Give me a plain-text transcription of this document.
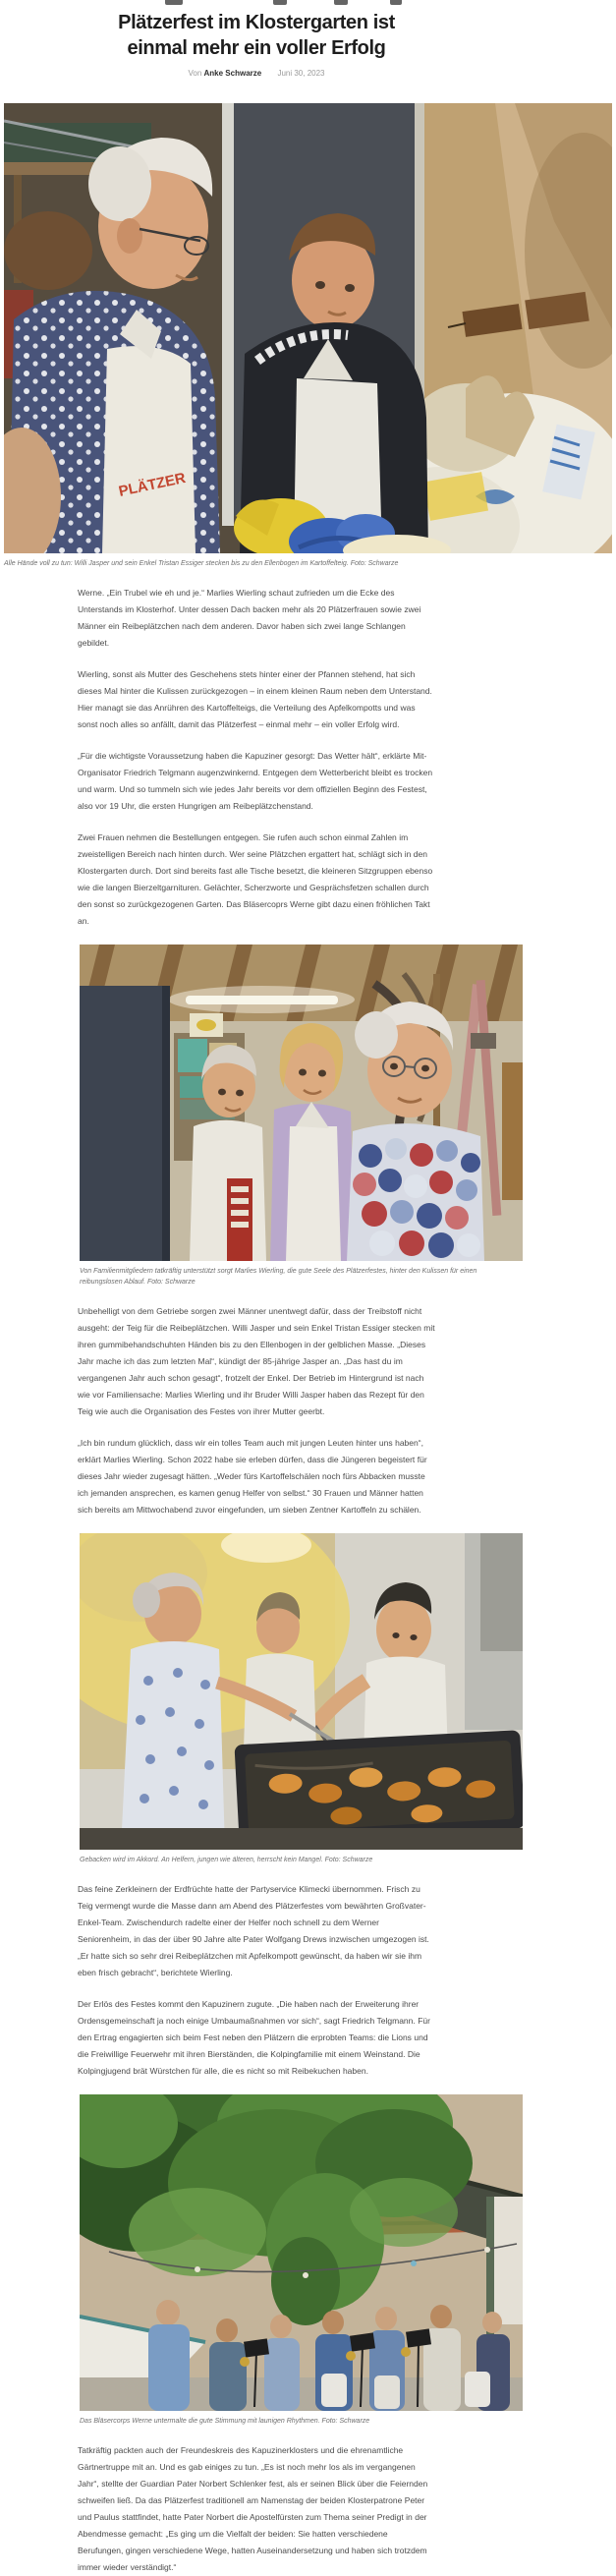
Plätzerfest im Klostergarten ist
einmal mehr ein voller Erfolg
Von Anke Schwarze Juni 30, 2023
PLÄTZER
Alle Hände voll zu tun: Willi Jasper und sein Enkel Tristan Essiger stecken bis zu den Ellenbogen im Kartoffelteig. Foto: Schwarze

Werne. „Ein Trubel wie eh und je.“ Marlies Wierling schaut zufrieden um die Ecke des Unterstands im Klosterhof. Unter dessen Dach backen mehr als 20 Plätzerfrauen sowie zwei Männer ein Reibeplätzchen nach dem anderen. Davor haben sich zwei lange Schlangen gebildet.

Wierling, sonst als Mutter des Geschehens stets hinter einer der Pfannen stehend, hat sich dieses Mal hinter die Kulissen zurückgezogen – in einem kleinen Raum neben dem Unterstand. Hier managt sie das Anrühren des Kartoffelteigs, die Verteilung des Apfelkompotts und was sonst noch alles so anfällt, damit das Plätzerfest – einmal mehr – ein voller Erfolg wird.

„Für die wichtigste Voraussetzung haben die Kapuziner gesorgt: Das Wetter hält“, erklärte Mit-Organisator Friedrich Telgmann augenzwinkernd. Entgegen dem Wetterbericht bleibt es trocken und warm. Und so tummeln sich wie jedes Jahr bereits vor dem offiziellen Beginn des Festest, also vor 19 Uhr, die ersten Hungrigen am Reibeplätzchenstand.

Zwei Frauen nehmen die Bestellungen entgegen. Sie rufen auch schon einmal Zahlen im zweistelligen Bereich nach hinten durch. Wer seine Plätzchen ergattert hat, schlägt sich in den Klostergarten durch. Dort sind bereits fast alle Tische besetzt, die kleineren Sitzgruppen ebenso wie die langen Bierzeltgarnituren. Gelächter, Scherzworte und Gesprächsfetzen schallen durch den sonst so zurückgezogenen Garten. Das Bläsercoprs Werne gibt dazu einen fröhlichen Takt an.

Von Familienmitgliedern tatkräftig unterstützt sorgt Marlies Wierling, die gute Seele des Plätzerfestes, hinter den Kulissen für einen reibungslosen Ablauf. Foto: Schwarze

Unbehelligt von dem Getriebe sorgen zwei Männer unentwegt dafür, dass der Treibstoff nicht ausgeht: der Teig für die Reibeplätzchen. Willi Jasper und sein Enkel Tristan Essiger stecken mit ihren gummibehandschuhten Händen bis zu den Ellenbogen in der gelblichen Masse. „Dieses Jahr mache ich das zum letzten Mal“, kündigt der 85-jährige Jasper an. „Das hast du im vergangenen Jahr auch schon gesagt“, frotzelt der Enkel. Der Betrieb im Hintergrund ist nach wie vor Familiensache: Marlies Wierling und ihr Bruder Willi Jasper haben das Rezept für den Teig wie auch die Organisation des Festes von ihrer Mutter geerbt.

„Ich bin rundum glücklich, dass wir ein tolles Team auch mit jungen Leuten hinter uns haben“, erklärt Marlies Wierling. Schon 2022 habe sie erleben dürfen, dass die Jüngeren begeistert für dieses Jahr wieder zugesagt hätten. „Weder fürs Kartoffelschälen noch fürs Abbacken musste ich jemanden ansprechen, es kamen genug Helfer von selbst.“ 30 Frauen und Männer hatten sich bereits am Mittwochabend zuvor eingefunden, um sieben Zentner Kartoffeln zu schälen.

Gebacken wird im Akkord. An Helfern, jungen wie älteren, herrscht kein Mangel. Foto: Schwarze

Das feine Zerkleinern der Erdfrüchte hatte der Partyservice Klimecki übernommen. Frisch zu Teig vermengt wurde die Masse dann am Abend des Plätzerfestes vom bewährten Großvater-Enkel-Team. Zwischendurch radelte einer der Helfer noch schnell zu dem Werner Seniorenheim, in das der über 90 Jahre alte Pater Wolfgang Drews inzwischen umgezogen ist. „Er hatte sich so sehr drei Reibeplätzchen mit Apfelkompott gewünscht, da haben wir sie ihm eben frisch gebracht“, berichtete Wierling.

Der Erlös des Festes kommt den Kapuzinern zugute. „Die haben nach der Erweiterung ihrer Ordensgemeinschaft ja noch einige Umbaumaßnahmen vor sich“, sagt Friedrich Telgmann. Für den Ertrag engagierten sich beim Fest neben den Plätzern die erprobten Teams: die Lions und die Freiwillige Feuerwehr mit ihren Bierständen, die Kolpingfamilie mit einem Weinstand. Die Kolpingjugend brät Würstchen für alle, die es nicht so mit Reibekuchen haben.

Das Bläsercorps Werne untermalte die gute Stimmung mit launigen Rhythmen. Foto: Schwarze

Tatkräftig packten auch der Freundeskreis des Kapuzinerklosters und die ehrenamtliche Gärtnertruppe mit an. Und es gab einiges zu tun. „Es ist noch mehr los als im vergangenen Jahr“, stellte der Guardian Pater Norbert Schlenker fest, als er seinen Blick über die Feiernden schweifen ließ. Da das Plätzerfest traditionell am Namenstag der beiden Klosterpatrone Peter und Paulus stattfindet, hatte Pater Norbert die Apostelfürsten zum Thema seiner Predigt in der Abendmesse gemacht: „Es ging um die Vielfalt der beiden: Sie hatten verschiedene Berufungen, gingen verschiedene Wege, hatten Auseinandersetzung und haben sich trotzdem immer wieder verständigt.“
